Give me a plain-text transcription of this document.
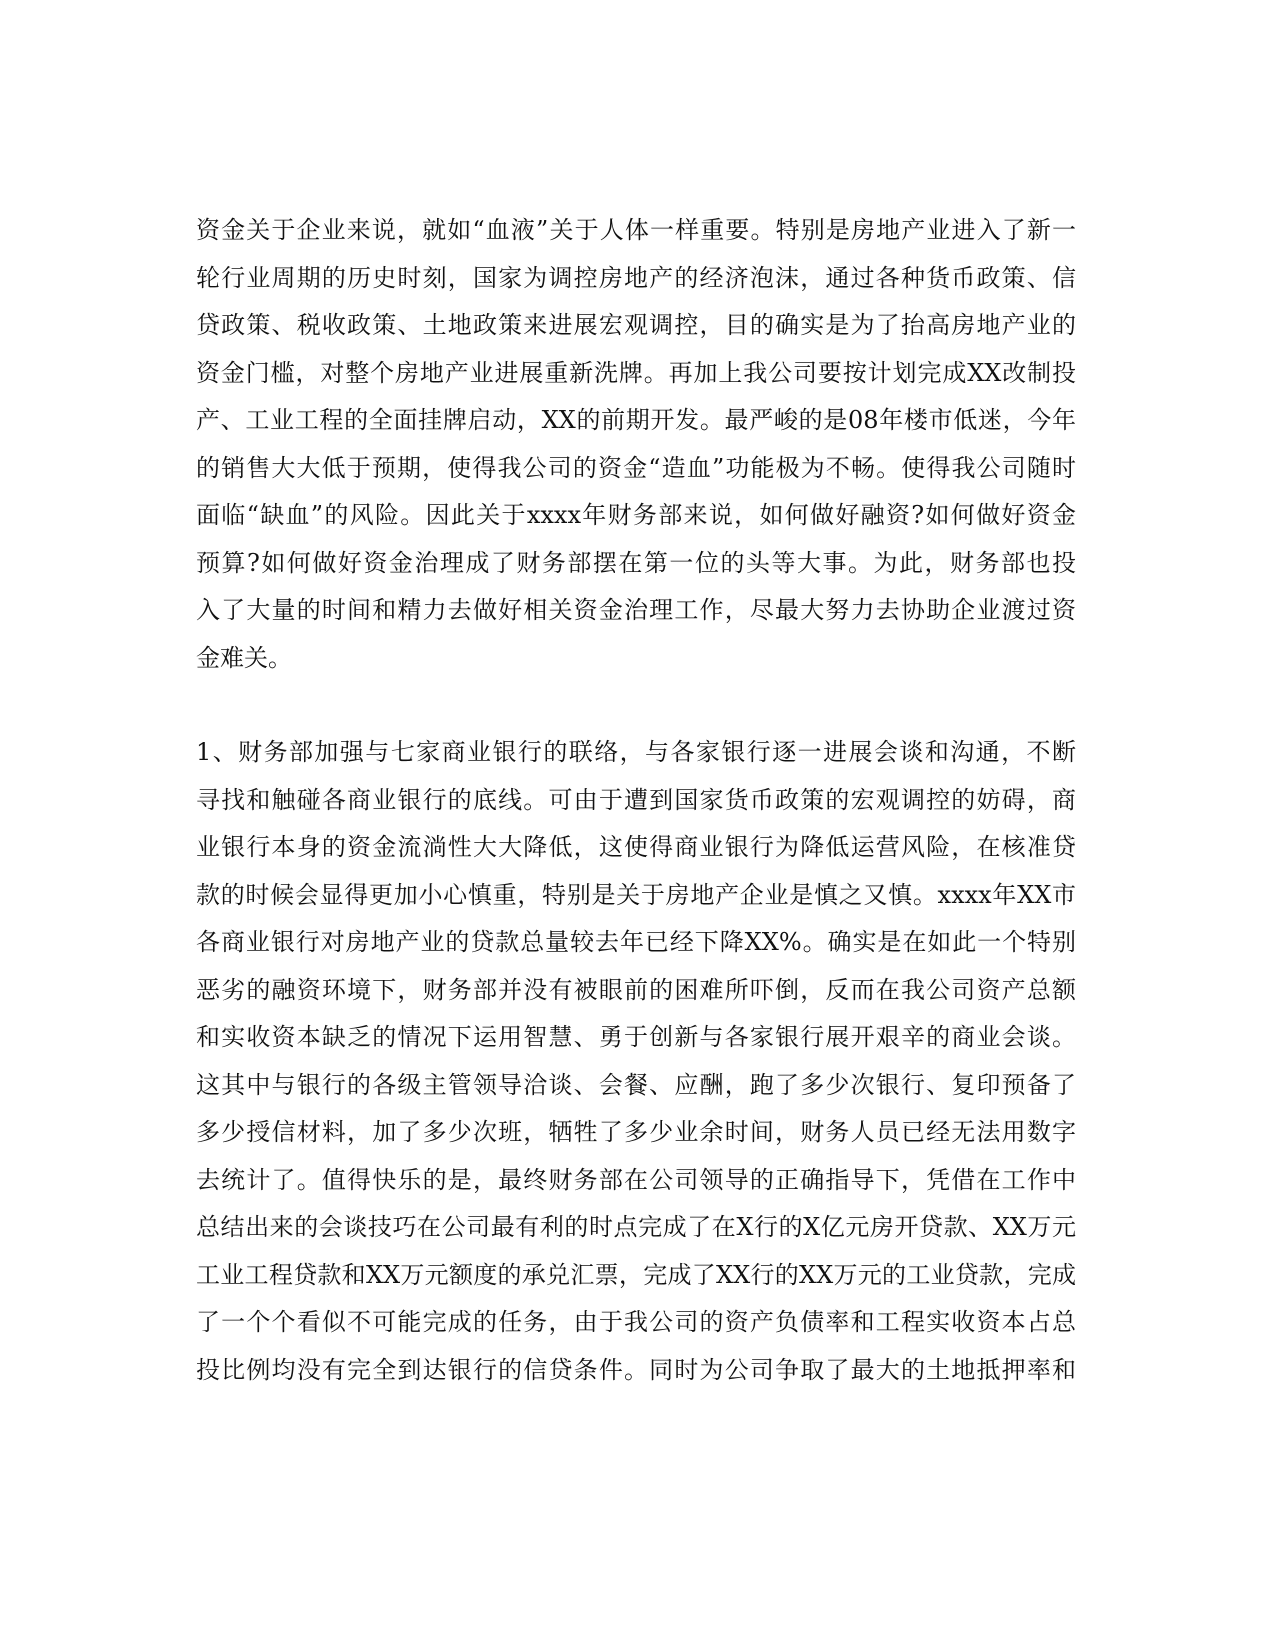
资金关于企业来说，就如“血液”关于人体一样重要。特别是房地产业进入了新一
轮行业周期的历史时刻，国家为调控房地产的经济泡沫，通过各种货币政策、信
贷政策、税收政策、土地政策来进展宏观调控，目的确实是为了抬高房地产业的
资金门槛，对整个房地产业进展重新洗牌。再加上我公司要按计划完成XX改制投
产、工业工程的全面挂牌启动，XX的前期开发。最严峻的是08年楼市低迷，今年
的销售大大低于预期，使得我公司的资金“造血”功能极为不畅。使得我公司随时
面临“缺血”的风险。因此关于xxxx年财务部来说，如何做好融资?如何做好资金
预算?如何做好资金治理成了财务部摆在第一位的头等大事。为此，财务部也投
入了大量的时间和精力去做好相关资金治理工作，尽最大努力去协助企业渡过资
金难关。
1、财务部加强与七家商业银行的联络，与各家银行逐一进展会谈和沟通，不断
寻找和触碰各商业银行的底线。可由于遭到国家货币政策的宏观调控的妨碍，商
业银行本身的资金流淌性大大降低，这使得商业银行为降低运营风险，在核准贷
款的时候会显得更加小心慎重，特别是关于房地产企业是慎之又慎。xxxx年XX市
各商业银行对房地产业的贷款总量较去年已经下降XX%。确实是在如此一个特别
恶劣的融资环境下，财务部并没有被眼前的困难所吓倒，反而在我公司资产总额
和实收资本缺乏的情况下运用智慧、勇于创新与各家银行展开艰辛的商业会谈。
这其中与银行的各级主管领导洽谈、会餐、应酬，跑了多少次银行、复印预备了
多少授信材料，加了多少次班，牺牲了多少业余时间，财务人员已经无法用数字
去统计了。值得快乐的是，最终财务部在公司领导的正确指导下，凭借在工作中
总结出来的会谈技巧在公司最有利的时点完成了在X行的X亿元房开贷款、XX万元
工业工程贷款和XX万元额度的承兑汇票，完成了XX行的XX万元的工业贷款，完成
了一个个看似不可能完成的任务，由于我公司的资产负债率和工程实收资本占总
投比例均没有完全到达银行的信贷条件。同时为公司争取了最大的土地抵押率和
